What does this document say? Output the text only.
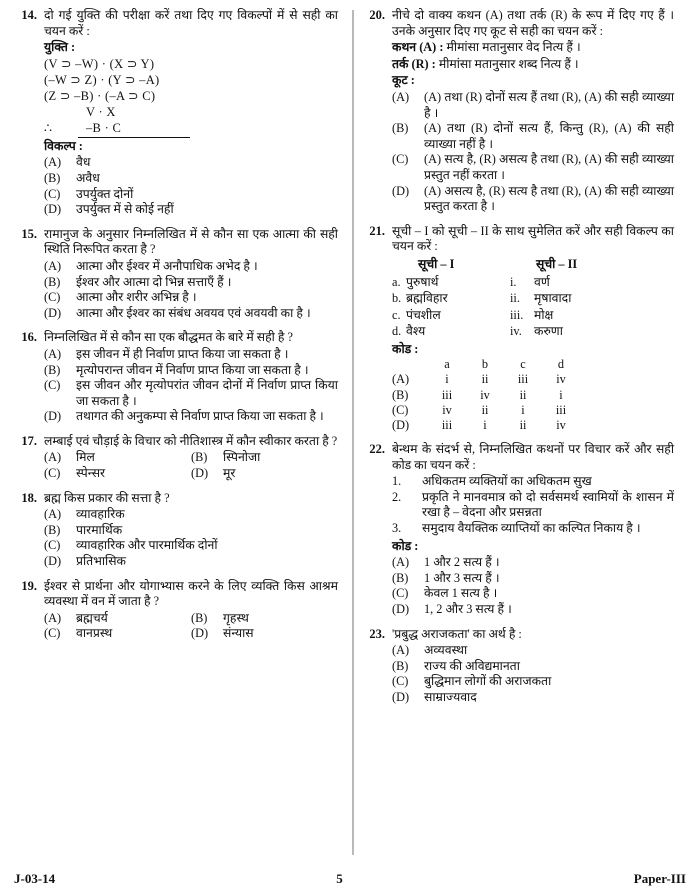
14. दो गई युक्ति की परीक्षा करें तथा दिए गए विकल्पों में से सही का चयन करें :
युक्ति :
(V ⊃ –W) · (X ⊃ Y)
(–W ⊃ Z) · (Y ⊃ –A)
(Z ⊃ –B) · (–A ⊃ C)
V · X
∴	–B · C
विकल्प :
(A)	वैध
(B)	अवैध
(C)	उपर्युक्त दोनों
(D)	उपर्युक्त में से कोई नहीं
15. रामानुज के अनुसार निम्नलिखित में से कौन सा एक आत्मा की सही स्थिति निरूपित करता है ?
(A)	आत्मा और ईश्वर में अनौपाधिक अभेद है ।
(B)	ईश्वर और आत्मा दो भिन्न सत्ताएँ हैं ।
(C)	आत्मा और शरीर अभिन्न है ।
(D)	आत्मा और ईश्वर का संबंध अवयव एवं अवयवी का है ।
16. निम्नलिखित में से कौन सा एक बौद्धमत के बारे में सही है ?
(A)	इस जीवन में ही निर्वाण प्राप्त किया जा सकता है ।
(B)	मृत्योपरान्त जीवन में निर्वाण प्राप्त किया जा सकता है ।
(C)	इस जीवन और मृत्योपरांत जीवन दोनों में निर्वाण प्राप्त किया जा सकता है ।
(D)	तथागत की अनुकम्पा से निर्वाण प्राप्त किया जा सकता है ।
17. लम्बाई एवं चौड़ाई के विचार को नीतिशास्त्र में कौन स्वीकार करता है ?
(A)	मिल	(B)	स्पिनोजा
(C)	स्पेन्सर	(D)	मूर
18. ब्रह्म किस प्रकार की सत्ता है ?
(A)	व्यावहारिक
(B)	पारमार्थिक
(C)	व्यावहारिक और पारमार्थिक दोनों
(D)	प्रतिभासिक
19. ईश्वर से प्रार्थना और योगाभ्यास करने के लिए व्यक्ति किस आश्रम व्यवस्था में वन में जाता है ?
(A)	ब्रह्मचर्य	(B)	गृहस्थ
(C)	वानप्रस्थ	(D)	संन्यास
20. नीचे दो वाक्य कथन (A) तथा तर्क (R) के रूप में दिए गए हैं । उनके अनुसार दिए गए कूट से सही का चयन करें :
कथन (A) : मीमांसा मतानुसार वेद नित्य हैं ।
तर्क (R) : मीमांसा मतानुसार शब्द नित्य हैं ।
कूट :
(A)	(A) तथा (R) दोनों सत्य हैं तथा (R), (A) की सही व्याख्या है ।
(B)	(A) तथा (R) दोनों सत्य हैं, किन्तु (R), (A) की सही व्याख्या नहीं है ।
(C)	(A) सत्य है, (R) असत्य है तथा (R), (A) की सही व्याख्या प्रस्तुत नहीं करता ।
(D)	(A) असत्य है, (R) सत्य है तथा (R), (A) की सही व्याख्या प्रस्तुत करता है ।
21. सूची – I को सूची – II के साथ सुमेलित करें और सही विकल्प का चयन करें :
सूची – I	सूची – II
a. पुरुषार्थ	i.	वर्ण
b. ब्रह्मविहार	ii.	मृषावादा
c. पंचशील	iii. मोक्ष
d. वैश्य	iv. करुणा
कोड :
a	b	c	d
(A)	i	ii	iii	iv
(B)	iii	iv	ii	i
(C)	iv	ii	i	iii
(D)	iii	i	ii	iv
22. बेन्थम के संदर्भ से, निम्नलिखित कथनों पर विचार करें और सही कोड का चयन करें :
1.	अधिकतम व्यक्तियों का अधिकतम सुख
2.	प्रकृति ने मानवमात्र को दो सर्वसमर्थ स्वामियों के शासन में रखा है – वेदना और प्रसन्नता
3.	समुदाय वैयक्तिक व्याप्तियों का कल्पित निकाय है ।
कोड :
(A)	1 और 2 सत्य हैं ।
(B)	1 और 3 सत्य हैं ।
(C)	केवल 1 सत्य है ।
(D)	1, 2 और 3 सत्य हैं ।
23. 'प्रबुद्ध अराजकता' का अर्थ है :
(A)	अव्यवस्था
(B)	राज्य की अविद्यमानता
(C)	बुद्धिमान लोगों की अराजकता
(D)	साम्राज्यवाद
J-03-14	5	Paper-III
